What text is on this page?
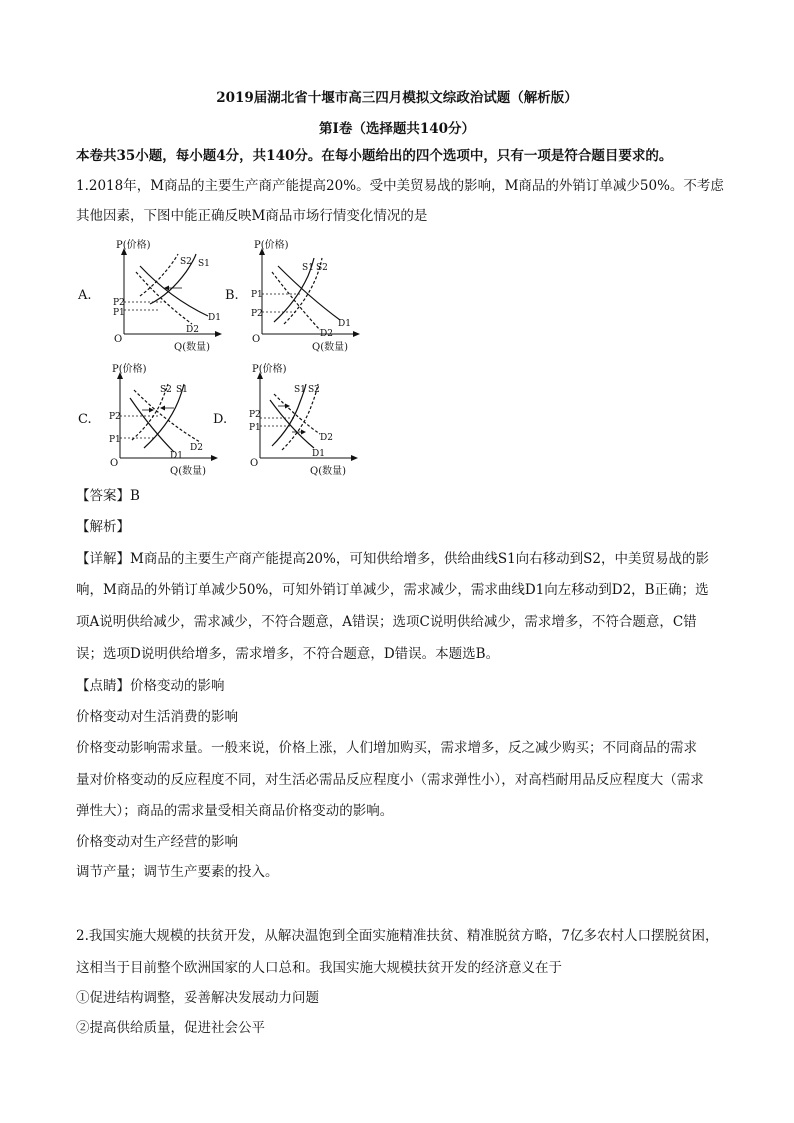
2019届湖北省十堰市高三四月模拟文综政治试题（解析版）
第Ⅰ卷（选择题共140分）
本卷共35小题，每小题4分，共140分。在每小题给出的四个选项中，只有一项是符合题目要求的。
1.2018年，M商品的主要生产商产能提高20%。受中美贸易战的影响，M商品的外销订单减少50%。不考虑
其他因素，下图中能正确反映M商品市场行情变化情况的是
A.
P(价格)
Q(数量)
O
S2 S1
D1
D2
P2
P1
B.
P(价格)
Q(数量)
O
S1 S2
D1
D2
P1
P2
C.
P(价格)
Q(数量)
O
S2 S1
D2
D1
P2
P1
D.
P(价格)
Q(数量)
O
S1 S2
D2
D1
P2
P1
【答案】B
【解析】
【详解】M商品的主要生产商产能提高20%，可知供给增多，供给曲线S1向右移动到S2，中美贸易战的影
响，M商品的外销订单减少50%，可知外销订单减少，需求减少，需求曲线D1向左移动到D2，B正确；选
项A说明供给减少，需求减少，不符合题意，A错误；选项C说明供给减少，需求增多，不符合题意，C错
误；选项D说明供给增多，需求增多，不符合题意，D错误。本题选B。
【点睛】价格变动的影响
价格变动对生活消费的影响
价格变动影响需求量。一般来说，价格上涨，人们增加购买，需求增多，反之减少购买；不同商品的需求
量对价格变动的反应程度不同，对生活必需品反应程度小（需求弹性小），对高档耐用品反应程度大（需求
弹性大）；商品的需求量受相关商品价格变动的影响。
价格变动对生产经营的影响
调节产量；调节生产要素的投入。
2.我国实施大规模的扶贫开发，从解决温饱到全面实施精准扶贫、精准脱贫方略，7亿多农村人口摆脱贫困，
这相当于目前整个欧洲国家的人口总和。我国实施大规模扶贫开发的经济意义在于
①促进结构调整，妥善解决发展动力问题
②提高供给质量，促进社会公平
